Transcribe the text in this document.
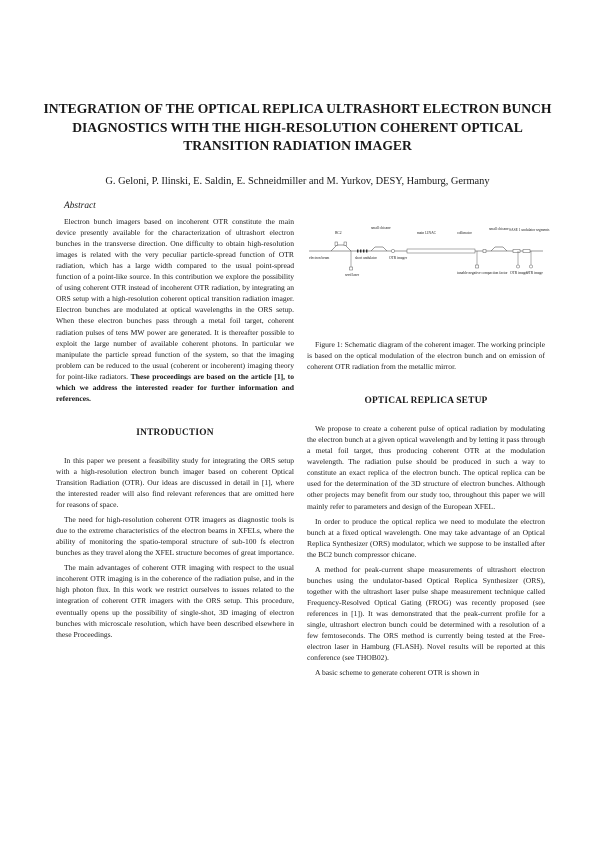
INTEGRATION OF THE OPTICAL REPLICA ULTRASHORT ELECTRON BUNCH DIAGNOSTICS WITH THE HIGH-RESOLUTION COHERENT OPTICAL TRANSITION RADIATION IMAGER

G. Geloni, P. Ilinski, E. Saldin, E. Schneidmiller and M. Yurkov, DESY, Hamburg, Germany

Abstract

Electron bunch imagers based on incoherent OTR constitute the main device presently available for the characterization of ultrashort electron bunches in the transverse direction. One difficulty to obtain high-resolution images is related with the very peculiar particle-spread function of OTR radiation, which has a large width compared to the usual point-spread function of a point-like source. In this contribution we explore the possibility of using coherent OTR instead of incoherent OTR radiation, by integrating an ORS setup with a high-resolution coherent optical transition radiation imager. Electron bunches are modulated at optical wavelengths in the ORS setup. When these electron bunches pass through a metal foil target, coherent radiation pulses of tens MW power are generated. It is thereafter possible to exploit the large number of available coherent photons. In particular we manipulate the particle spread function of the system, so that the imaging problem can be reduced to the usual (coherent or incoherent) imaging theory for point-like radiators. These proceedings are based on the article [1], to which we address the interested reader for further information and references.

INTRODUCTION

In this paper we present a feasibility study for integrating the ORS setup with a high-resolution electron bunch imager based on coherent Optical Transition Radiation (OTR). Our ideas are discussed in detail in [1], where the interested reader will also find relevant references that are omitted here for reasons of space.

The need for high-resolution coherent OTR imagers as diagnostic tools is due to the extreme characteristics of the electron beams in XFELs, where the ability of monitoring the spatio-temporal structure of sub-100 fs electron bunches as they travel along the XFEL structure becomes of great importance.

The main advantages of coherent OTR imaging with respect to the usual incoherent OTR imaging is in the coherence of the radiation pulse, and in the high photon flux. In this work we restrict ourselves to issues related to the integration of coherent OTR imagers with the ORS setup. This procedure, eventually opens up the possibility of single-shot, 3D imaging of electron bunches with microscale resolution, which have been described elsewhere in these Proceedings.

BC2
small chicane
main LINAC	collimator
small chicane SASE 1 undulator segments
electron beam	short undulator	OTR imager
seed laser	tunable negative compaction factor OTR imager
OTR image

Figure 1: Schematic diagram of the coherent imager. The working principle is based on the optical modulation of the electron bunch and on emission of coherent OTR radiation from the metallic mirror.

OPTICAL REPLICA SETUP

We propose to create a coherent pulse of optical radiation by modulating the electron bunch at a given optical wavelength and by letting it pass through a metal foil target, thus producing coherent OTR at the modulation wavelength. The radiation pulse should be produced in such a way to constitute an exact replica of the electron bunch. The optical replica can be used for the determination of the 3D structure of electron bunches. Although other projects may benefit from our study too, throughout this paper we will mainly refer to parameters and design of the European XFEL.

In order to produce the optical replica we need to modulate the electron bunch at a fixed optical wavelength. One may take advantage of an Optical Replica Synthesizer (ORS) modulator, which we suppose to be installed after the BC2 bunch compressor chicane.

A method for peak-current shape measurements of ultrashort electron bunches using the undulator-based Optical Replica Synthesizer (ORS), together with the ultrashort laser pulse shape measurement technique called Frequency-Resolved Optical Gating (FROG) was recently proposed (see references in [1]). It was demonstrated that the peak-current profile for a single, ultrashort electron bunch could be determined with a resolution of a few femtoseconds. The ORS method is currently being tested at the Free-electron laser in Hamburg (FLASH). Novel results will be reported at this conference (see THOB02).

A basic scheme to generate coherent OTR is shown in
